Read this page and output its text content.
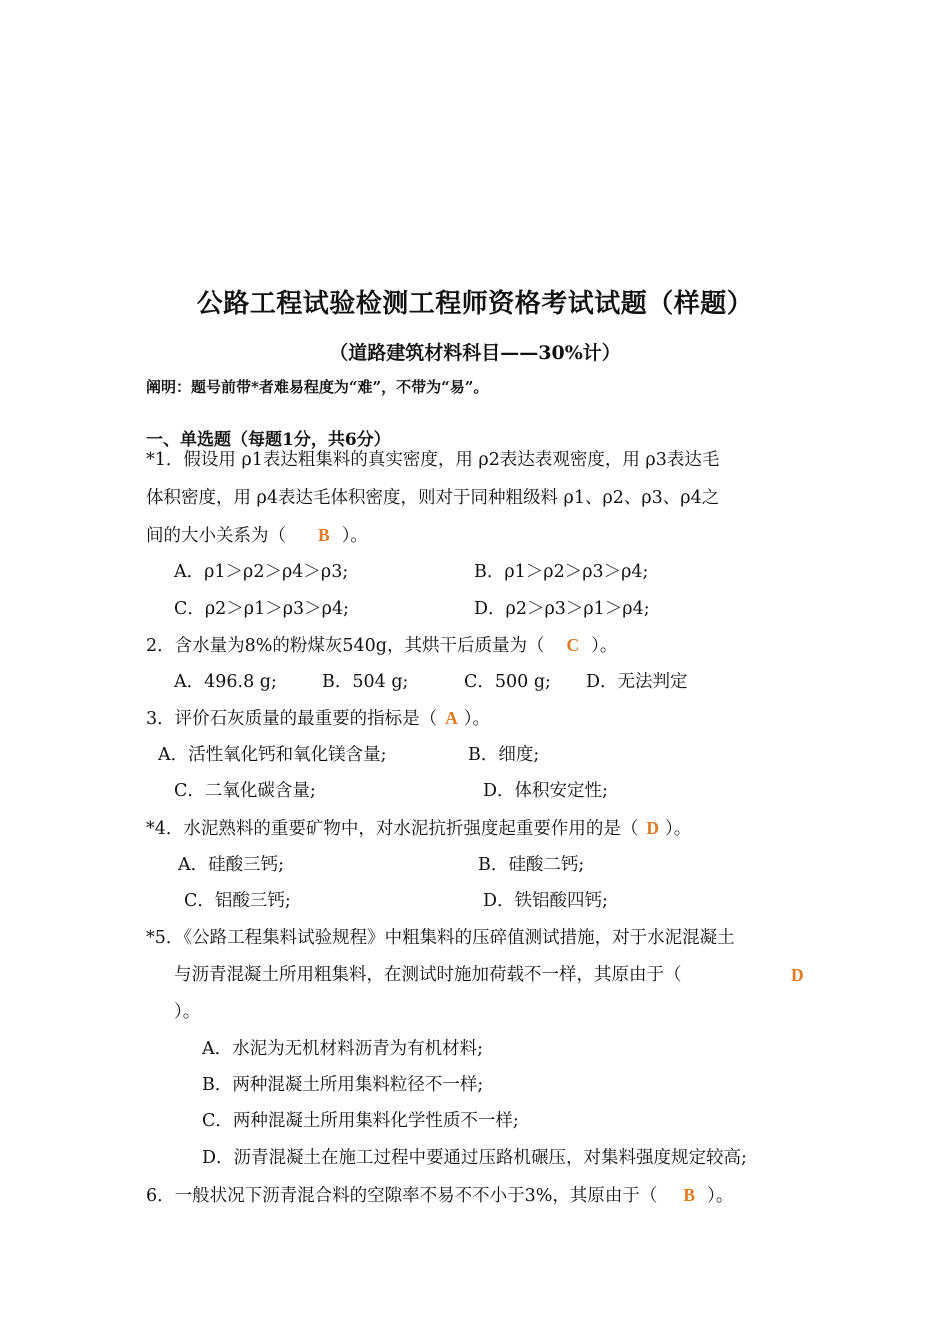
公路工程试验检测工程师资格考试试题（样题）
（道路建筑材料科目——30%计）
阐明：题号前带*者难易程度为“难”，不带为“易”。
一、单选题（每题1分，共6分）
*1．假设用 ρ1表达粗集料的真实密度，用 ρ2表达表观密度，用 ρ3表达毛
体积密度，用 ρ4表达毛体积密度，则对于同种粗级料 ρ1、ρ2、ρ3、ρ4之
间的大小关系为（ B ）。
A．ρ1＞ρ2＞ρ4＞ρ3;	B．ρ1＞ρ2＞ρ3＞ρ4;
C．ρ2＞ρ1＞ρ3＞ρ4;	D．ρ2＞ρ3＞ρ1＞ρ4;
2．含水量为8%的粉煤灰540g，其烘干后质量为（ C ）。
A．496.8 g;	B．504 g;	C．500 g; D．无法判定
3．评价石灰质量的最重要的指标是（ A ）。
A．活性氧化钙和氧化镁含量;	B．细度;
C．二氧化碳含量;	D．体积安定性;
*4．水泥熟料的重要矿物中，对水泥抗折强度起重要作用的是（ D ）。
A．硅酸三钙;	B．硅酸二钙;
C．铝酸三钙;	D．铁铝酸四钙;
*5．《公路工程集料试验规程》中粗集料的压碎值测试措施，对于水泥混凝土
与沥青混凝土所用粗集料，在测试时施加荷载不一样，其原由于（	D
）。
A．水泥为无机材料沥青为有机材料;
B．两种混凝土所用集料粒径不一样;
C．两种混凝土所用集料化学性质不一样;
D．沥青混凝土在施工过程中要通过压路机碾压，对集料强度规定较高;
6．一般状况下沥青混合料的空隙率不易不不小于3%，其原由于（ B ）。
